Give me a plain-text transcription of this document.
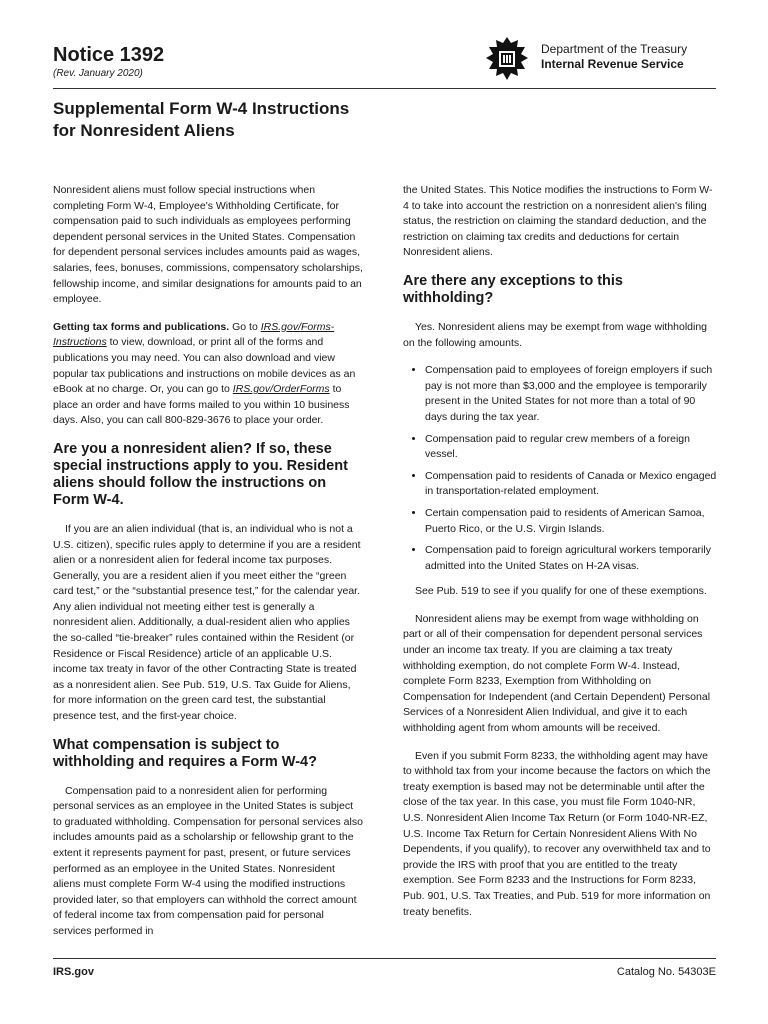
Notice 1392
(Rev. January 2020)
Department of the Treasury
Internal Revenue Service
Supplemental Form W-4 Instructions
for Nonresident Aliens

Nonresident aliens must follow special instructions when completing Form W-4, Employee's Withholding Certificate, for compensation paid to such individuals as employees performing dependent personal services in the United States. Compensation for dependent personal services includes amounts paid as wages, salaries, fees, bonuses, commissions, compensatory scholarships, fellowship income, and similar designations for amounts paid to an employee.

Getting tax forms and publications. Go to IRS.gov/Forms-Instructions to view, download, or print all of the forms and publications you may need. You can also download and view popular tax publications and instructions on mobile devices as an eBook at no charge. Or, you can go to IRS.gov/OrderForms to place an order and have forms mailed to you within 10 business days. Also, you can call 800-829-3676 to place your order.

Are you a nonresident alien? If so, these special instructions apply to you. Resident aliens should follow the instructions on Form W-4.

If you are an alien individual (that is, an individual who is not a U.S. citizen), specific rules apply to determine if you are a resident alien or a nonresident alien for federal income tax purposes. Generally, you are a resident alien if you meet either the “green card test,” or the “substantial presence test,” for the calendar year. Any alien individual not meeting either test is generally a nonresident alien. Additionally, a dual-resident alien who applies the so-called “tie-breaker” rules contained within the Resident (or Residence or Fiscal Residence) article of an applicable U.S. income tax treaty in favor of the other Contracting State is treated as a nonresident alien. See Pub. 519, U.S. Tax Guide for Aliens, for more information on the green card test, the substantial presence test, and the first-year choice.

What compensation is subject to withholding and requires a Form W-4?

Compensation paid to a nonresident alien for performing personal services as an employee in the United States is subject to graduated withholding. Compensation for personal services also includes amounts paid as a scholarship or fellowship grant to the extent it represents payment for past, present, or future services performed as an employee in the United States. Nonresident aliens must complete Form W-4 using the modified instructions provided later, so that employers can withhold the correct amount of federal income tax from compensation paid for personal services performed in

the United States. This Notice modifies the instructions to Form W-4 to take into account the restriction on a nonresident alien's filing status, the restriction on claiming the standard deduction, and the restriction on claiming tax credits and deductions for certain Nonresident aliens.

Are there any exceptions to this withholding?

Yes. Nonresident aliens may be exempt from wage withholding on the following amounts.

• Compensation paid to employees of foreign employers if such pay is not more than $3,000 and the employee is temporarily present in the United States for not more than a total of 90 days during the tax year.
• Compensation paid to regular crew members of a foreign vessel.
• Compensation paid to residents of Canada or Mexico engaged in transportation-related employment.
• Certain compensation paid to residents of American Samoa, Puerto Rico, or the U.S. Virgin Islands.
• Compensation paid to foreign agricultural workers temporarily admitted into the United States on H-2A visas.

See Pub. 519 to see if you qualify for one of these exemptions.

Nonresident aliens may be exempt from wage withholding on part or all of their compensation for dependent personal services under an income tax treaty. If you are claiming a tax treaty withholding exemption, do not complete Form W-4. Instead, complete Form 8233, Exemption from Withholding on Compensation for Independent (and Certain Dependent) Personal Services of a Nonresident Alien Individual, and give it to each withholding agent from whom amounts will be received.

Even if you submit Form 8233, the withholding agent may have to withhold tax from your income because the factors on which the treaty exemption is based may not be determinable until after the close of the tax year. In this case, you must file Form 1040-NR, U.S. Nonresident Alien Income Tax Return (or Form 1040-NR-EZ, U.S. Income Tax Return for Certain Nonresident Aliens With No Dependents, if you qualify), to recover any overwithheld tax and to provide the IRS with proof that you are entitled to the treaty exemption. See Form 8233 and the Instructions for Form 8233, Pub. 901, U.S. Tax Treaties, and Pub. 519 for more information on treaty benefits.

IRS.gov	Catalog No. 54303E
